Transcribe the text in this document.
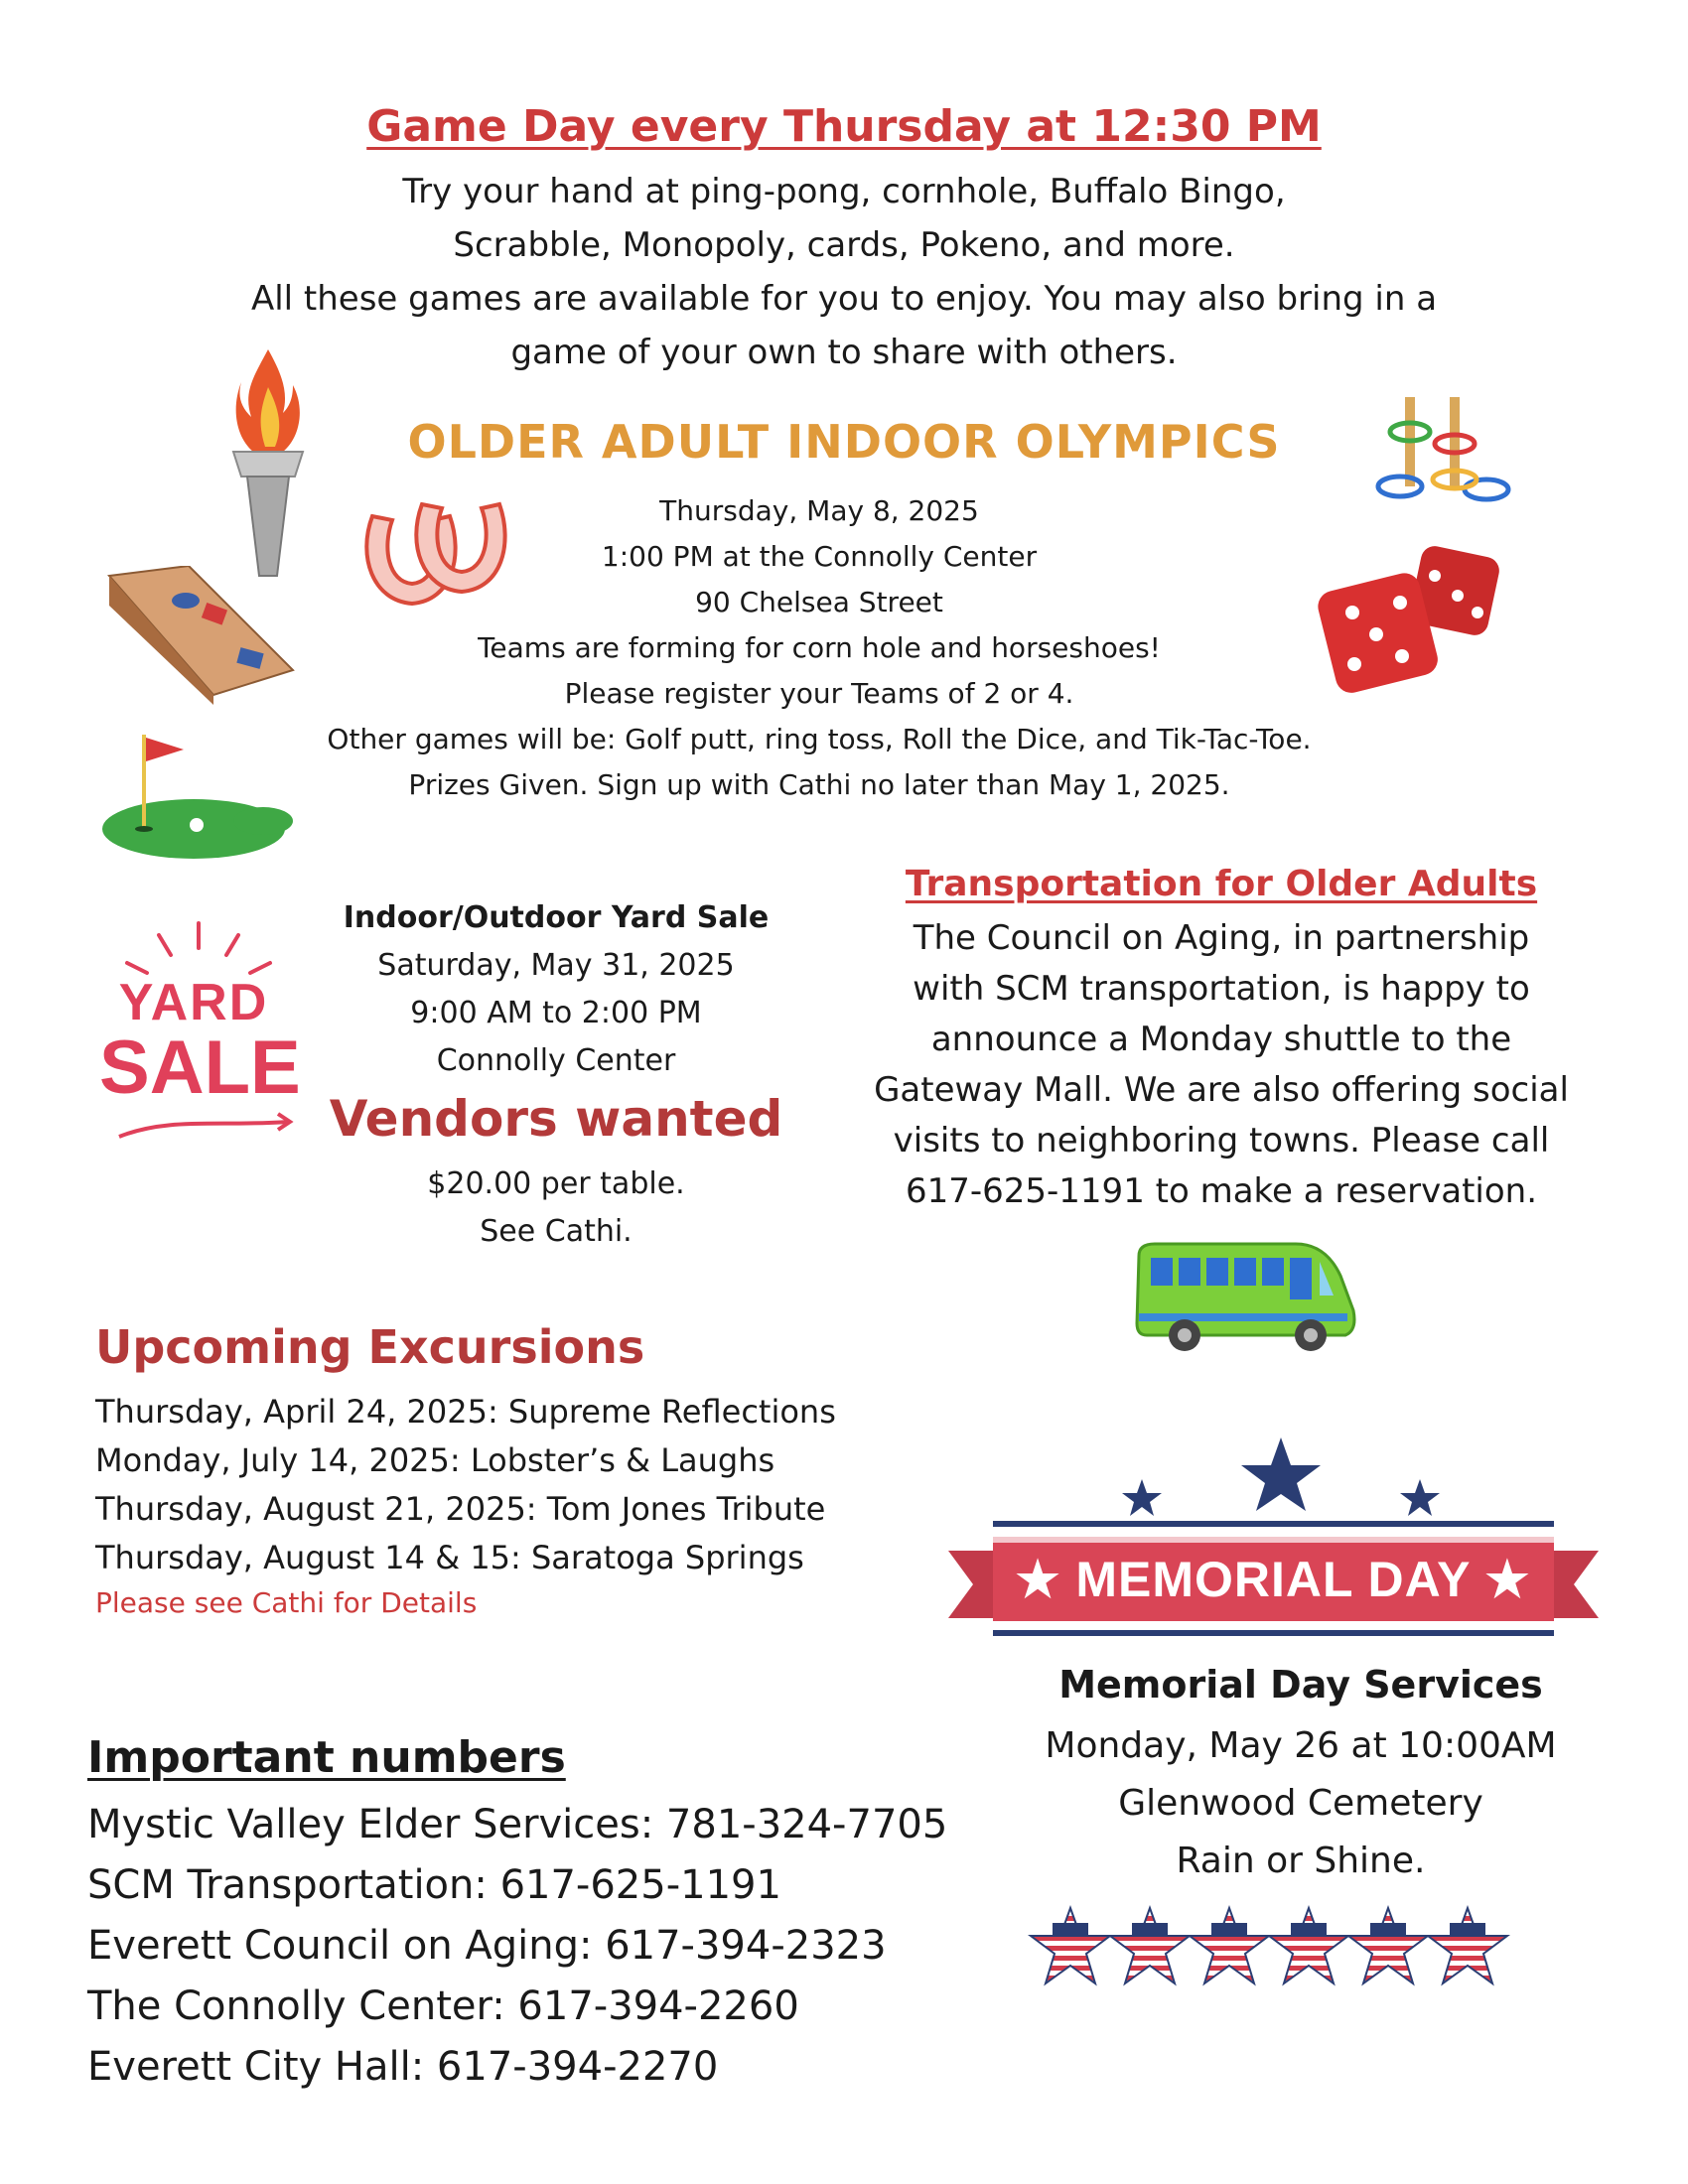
Game Day every Thursday at 12:30 PM
Try your hand at ping-pong, cornhole, Buffalo Bingo,
Scrabble, Monopoly, cards, Pokeno, and more.
All these games are available for you to enjoy. You may also bring in a
game of your own to share with others.
OLDER ADULT INDOOR OLYMPICS
Thursday, May 8, 2025
1:00 PM at the Connolly Center
90 Chelsea Street
Teams are forming for corn hole and horseshoes!
Please register your Teams of 2 or 4.
Other games will be: Golf putt, ring toss, Roll the Dice, and Tik-Tac-Toe.
Prizes Given. Sign up with Cathi no later than May 1, 2025.
YARD
SALE
Indoor/Outdoor Yard Sale
Saturday, May 31, 2025
9:00 AM to 2:00 PM
Connolly Center
Vendors wanted
$20.00 per table.
See Cathi.
Transportation for Older Adults
The Council on Aging, in partnership
with SCM transportation, is happy to
announce a Monday shuttle to the
Gateway Mall. We are also offering social
visits to neighboring towns. Please call
617-625-1191 to make a reservation.
Upcoming Excursions
Thursday, April 24, 2025: Supreme Reflections
Monday, July 14, 2025: Lobster’s & Laughs
Thursday, August 21, 2025: Tom Jones Tribute
Thursday, August 14 & 15: Saratoga Springs
Please see Cathi for Details
Important numbers
Mystic Valley Elder Services: 781-324-7705
SCM Transportation: 617-625-1191
Everett Council on Aging: 617-394-2323
The Connolly Center: 617-394-2260
Everett City Hall: 617-394-2270
★ MEMORIAL DAY ★
Memorial Day Services
Monday, May 26 at 10:00AM
Glenwood Cemetery
Rain or Shine.
